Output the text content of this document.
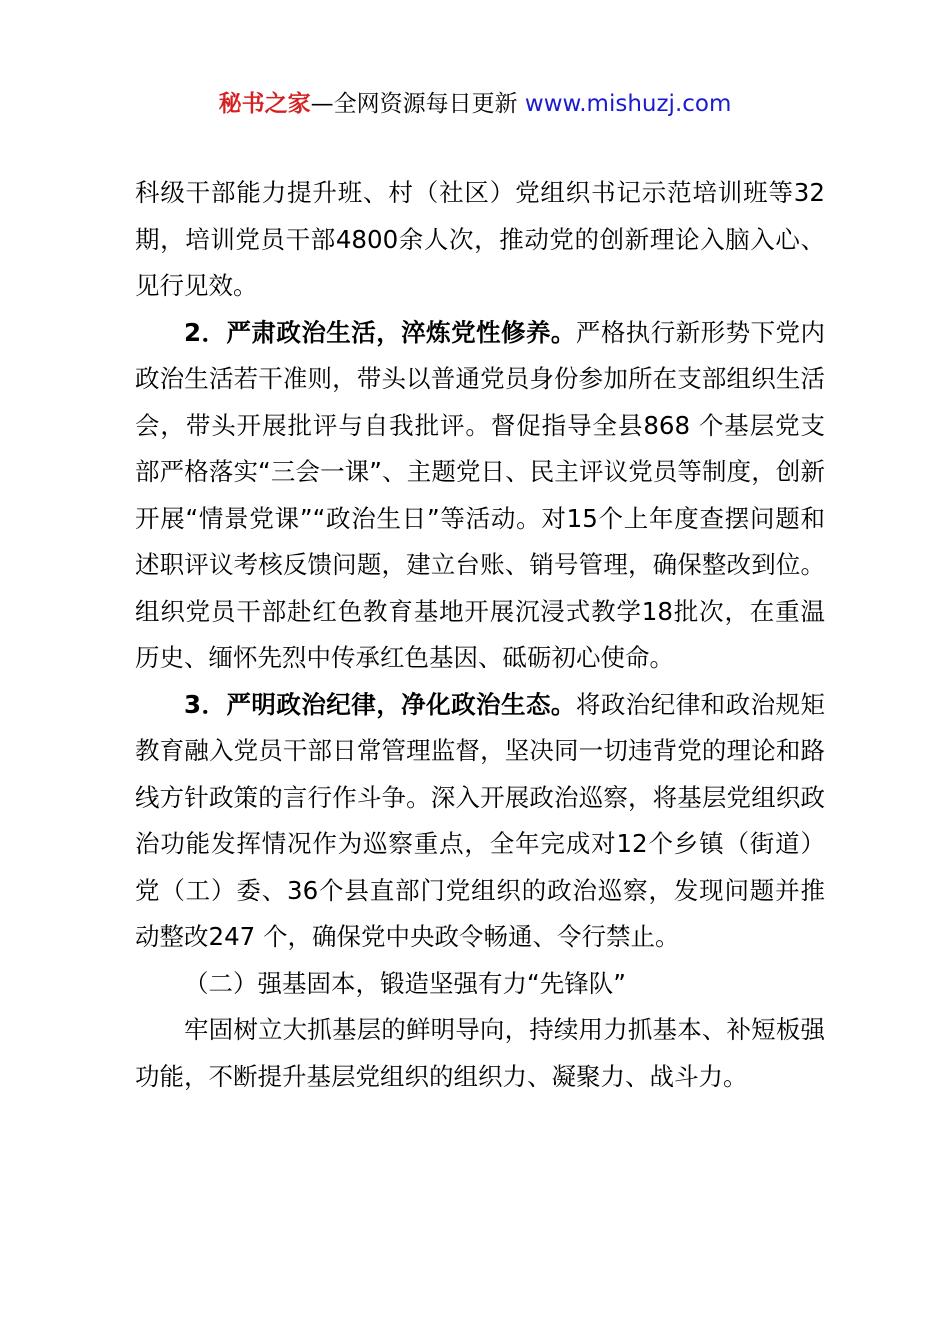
秘书之家—全网资源每日更新 www.mishuzj.com

科级干部能力提升班、村（社区）党组织书记示范培训班等32期，培训党员干部4800余人次，推动党的创新理论入脑入心、见行见效。

2．严肃政治生活，淬炼党性修养。严格执行新形势下党内政治生活若干准则，带头以普通党员身份参加所在支部组织生活会，带头开展批评与自我批评。督促指导全县868 个基层党支部严格落实“三会一课”、主题党日、民主评议党员等制度，创新开展“情景党课”“政治生日”等活动。对15个上年度查摆问题和述职评议考核反馈问题，建立台账、销号管理，确保整改到位。组织党员干部赴红色教育基地开展沉浸式教学18批次，在重温历史、缅怀先烈中传承红色基因、砥砺初心使命。

3．严明政治纪律，净化政治生态。将政治纪律和政治规矩教育融入党员干部日常管理监督，坚决同一切违背党的理论和路线方针政策的言行作斗争。深入开展政治巡察，将基层党组织政治功能发挥情况作为巡察重点，全年完成对12个乡镇（街道）党（工）委、36个县直部门党组织的政治巡察，发现问题并推动整改247 个，确保党中央政令畅通、令行禁止。

（二）强基固本，锻造坚强有力“先锋队”

牢固树立大抓基层的鲜明导向，持续用力抓基本、补短板强功能，不断提升基层党组织的组织力、凝聚力、战斗力。
